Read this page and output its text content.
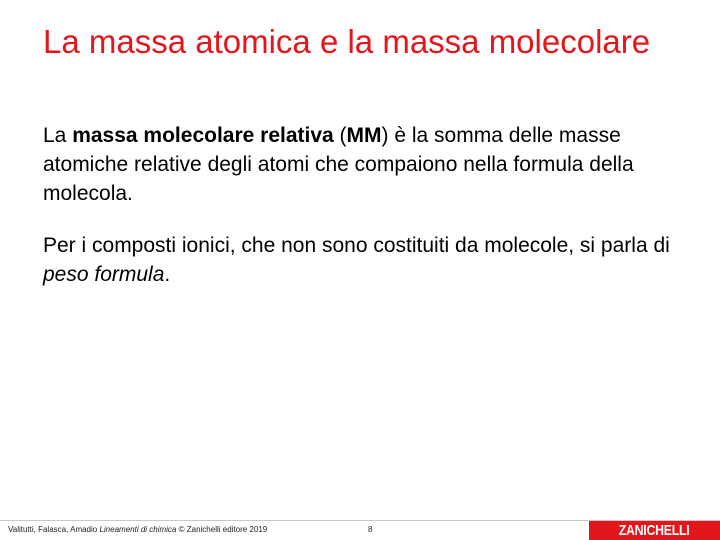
La massa atomica e la massa molecolare

La massa molecolare relativa (MM) è la somma delle masse atomiche relative degli atomi che compaiono nella formula della molecola.

Per i composti ionici, che non sono costituiti da molecole, si parla di peso formula.

Valitutti, Falasca, Amadio Lineamenti di chimica © Zanichelli editore 2019	8	ZANICHELLI
